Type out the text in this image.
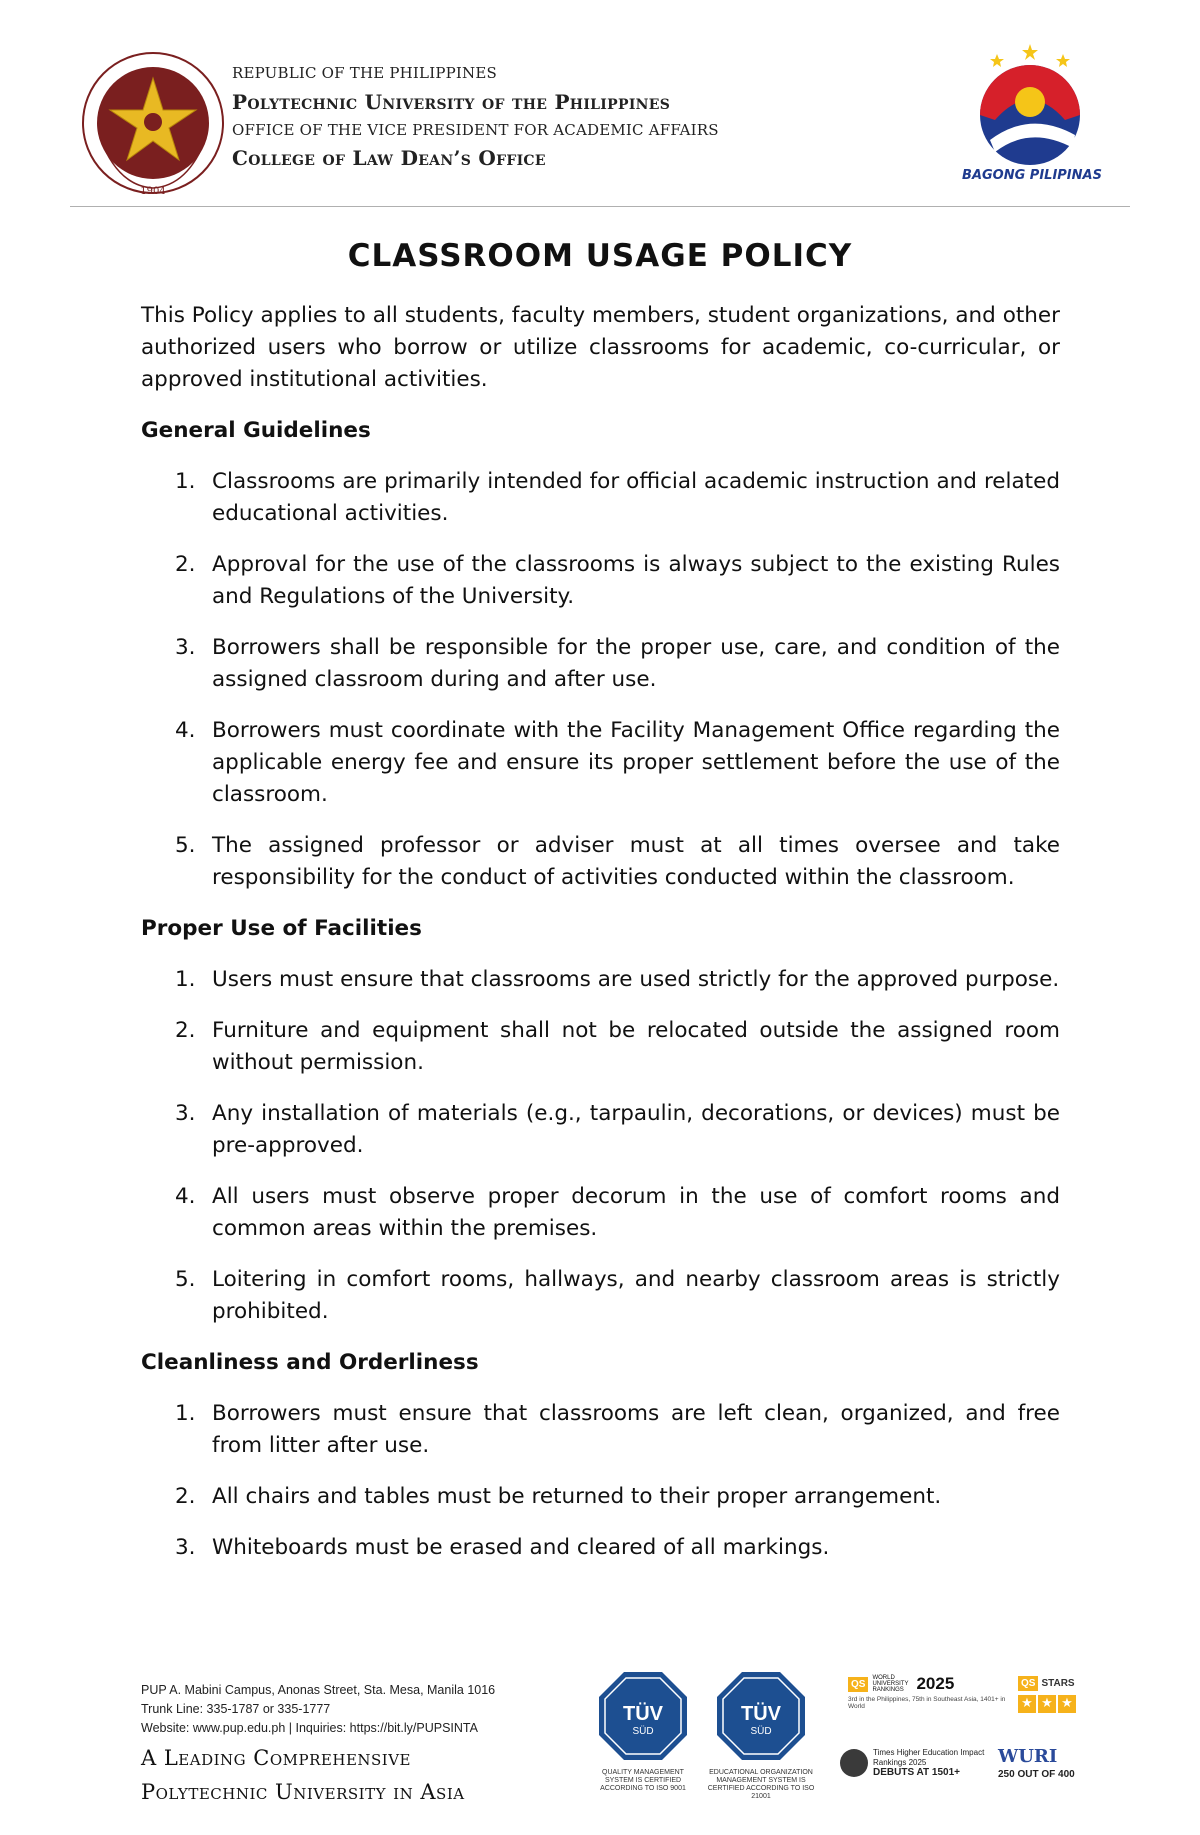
1904
REPUBLIC OF THE PHILIPPINES
Polytechnic University of the Philippines
OFFICE OF THE VICE PRESIDENT FOR ACADEMIC AFFAIRS
College of Law Dean’s Office
BAGONG PILIPINAS
CLASSROOM USAGE POLICY

This Policy applies to all students, faculty members, student organizations, and other authorized users who borrow or utilize classrooms for academic, co-curricular, or approved institutional activities.

General Guidelines
1. Classrooms are primarily intended for official academic instruction and related educational activities.
2. Approval for the use of the classrooms is always subject to the existing Rules and Regulations of the University.
3. Borrowers shall be responsible for the proper use, care, and condition of the assigned classroom during and after use.
4. Borrowers must coordinate with the Facility Management Office regarding the applicable energy fee and ensure its proper settlement before the use of the classroom.
5. The assigned professor or adviser must at all times oversee and take responsibility for the conduct of activities conducted within the classroom.
Proper Use of Facilities
1. Users must ensure that classrooms are used strictly for the approved purpose.
2. Furniture and equipment shall not be relocated outside the assigned room without permission.
3. Any installation of materials (e.g., tarpaulin, decorations, or devices) must be pre-approved.
4. All users must observe proper decorum in the use of comfort rooms and common areas within the premises.
5. Loitering in comfort rooms, hallways, and nearby classroom areas is strictly prohibited.
Cleanliness and Orderliness
1. Borrowers must ensure that classrooms are left clean, organized, and free from litter after use.
2. All chairs and tables must be returned to their proper arrangement.
3. Whiteboards must be erased and cleared of all markings.
PUP A. Mabini Campus, Anonas Street, Sta. Mesa, Manila 1016
Trunk Line: 335-1787 or 335-1777
Website: www.pup.edu.ph | Inquiries: https://bit.ly/PUPSINTA
A Leading Comprehensive
Polytechnic University in Asia
TÜV
SÜD
QUALITY MANAGEMENT SYSTEM IS CERTIFIED ACCORDING TO ISO 9001
TÜV
SÜD
EDUCATIONAL ORGANIZATION MANAGEMENT SYSTEM IS CERTIFIED ACCORDING TO ISO 21001
QS
WORLD UNIVERSITY RANKINGS 2025
3rd in the Philippines, 75th in Southeast Asia, 1401+ in World
QS STARS
★ ★ ★
Times Higher Education Impact Rankings 2025
DEBUTS AT 1501+
WURI
250 OUT OF 400
